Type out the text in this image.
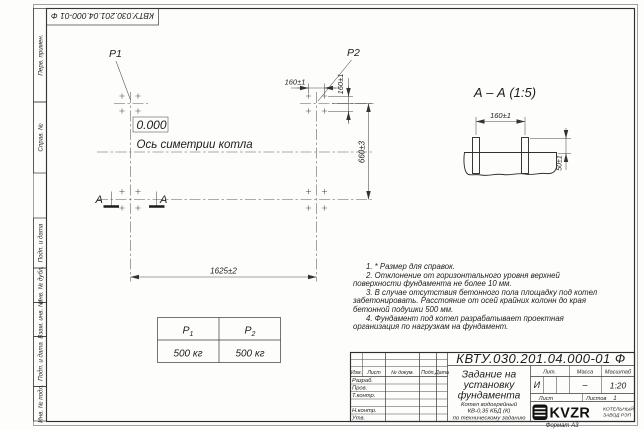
КВТУ.030.201.04.000-01 Ф
Перв. примен.
Справ. №
Подп. и дата
Инв. № дубл.
Взам. инв. №
Подп. и дата
Инв. № подл.
P1	P2
0.000
Ось симетрии котла
А	А
160±1	160±1
660±3
1625±2
А – А (1:5)
160±1
50±1
$P_1$	$P_2$
500 кг	500 кг	КВТУ.030.201.04.000-01 Ф
Изм. Лист № докум. Подп. Дата
Разраб.
Пров.
Т.контр.
Н.контр.
Утв.
Задание на
установку
фундамента
Котел водогрейный
КВ-0,35 КБД (К)
по техническому заданию
Лит.	Масса Масштаб
И	–	1:20
Лист	Листов 1
KVZR	КОТЕЛЬНЫЙ
ЗАВОД РЭП
Формат А3

1. * Размер для справок.

2. Отклонение от горизонтального уровня верхней поверхности фундамента не более 10 мм.

3. В случае отсутствия бетонного пола площадку под котел забетонировать. Расстояние от осей крайних колонн до края бетонной подушки 500 мм.

4. Фундамент под котел разрабатывает проектная организация по нагрузкам на фундамент.
